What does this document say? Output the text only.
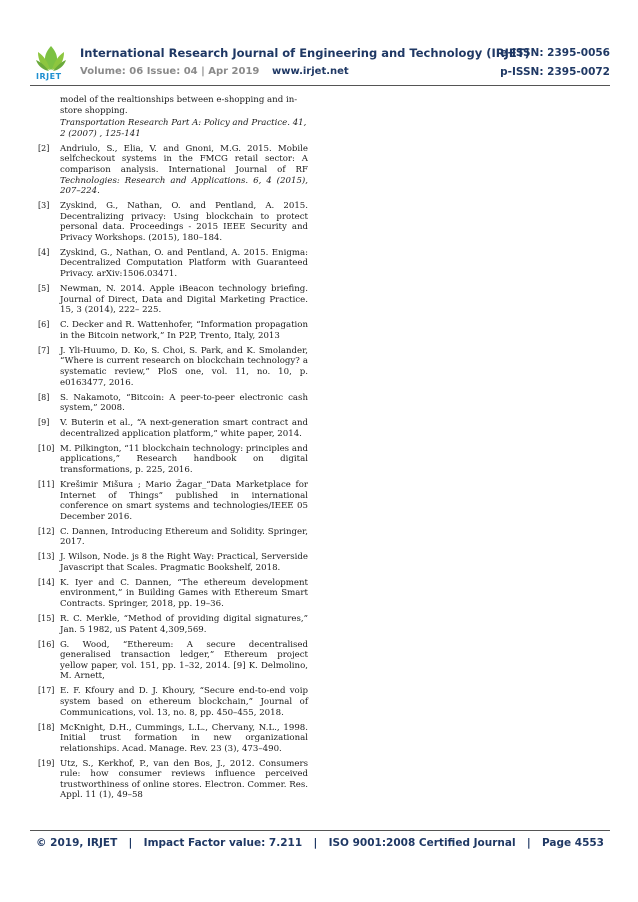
IRJET
International Research Journal of Engineering and Technology (IRJET)
e-ISSN: 2395-0056
Volume: 06 Issue: 04 | Apr 2019 www.irjet.net	p-ISSN: 2395-0072
model of the realtionships between e-shopping and in-store shopping.
Transportation Research Part A: Policy and Practice. 41, 2 (2007) , 125-141
[2]	Andriulo, S., Elia, V. and Gnoni, M.G. 2015. Mobile selfcheckout systems in the FMCG retail sector: A comparison analysis. International Journal of RF Technologies: Research and Applications. 6, 4 (2015), 207–224.
[3]	Zyskind, G., Nathan, O. and Pentland, A. 2015. Decentralizing privacy: Using blockchain to protect personal data. Proceedings - 2015 IEEE Security and Privacy Workshops. (2015), 180–184.
[4]	Zyskind, G., Nathan, O. and Pentland, A. 2015. Enigma: Decentralized Computation Platform with Guaranteed Privacy. arXiv:1506.03471.
[5]	Newman, N. 2014. Apple iBeacon technology briefing. Journal of Direct, Data and Digital Marketing Practice. 15, 3 (2014), 222– 225.
[6]	C. Decker and R. Wattenhofer, “Information propagation in the Bitcoin network,” In P2P, Trento, Italy, 2013
[7]	J. Yli-Huumo, D. Ko, S. Choi, S. Park, and K. Smolander, “Where is current research on blockchain technology? a systematic review,” PloS one, vol. 11, no. 10, p. e0163477, 2016.
[8]	S. Nakamoto, “Bitcoin: A peer-to-peer electronic cash system,” 2008.
[9]	V. Buterin et al., “A next-generation smart contract and decentralized application platform,” white paper, 2014.
[10] M. Pilkington, “11 blockchain technology: principles and applications,” Research handbook on digital transformations, p. 225, 2016.
[11] Krešimir Mišura ; Mario Žagar_“Data Marketplace for Internet of Things” published in international conference on smart systems and technologies/IEEE 05 December 2016.
[12] C. Dannen, Introducing Ethereum and Solidity. Springer, 2017.
[13] J. Wilson, Node. js 8 the Right Way: Practical, Serverside Javascript that Scales. Pragmatic Bookshelf, 2018.
[14] K. Iyer and C. Dannen, “The ethereum development environment,” in Building Games with Ethereum Smart Contracts. Springer, 2018, pp. 19–36.
[15] R. C. Merkle, “Method of providing digital signatures,” Jan. 5 1982, uS Patent 4,309,569.
[16] G. Wood, “Ethereum: A secure decentralised generalised transaction ledger,” Ethereum project yellow paper, vol. 151, pp. 1–32, 2014. [9] K. Delmolino, M. Arnett,
[17] E. F. Kfoury and D. J. Khoury, “Secure end-to-end voip system based on ethereum blockchain,” Journal of Communications, vol. 13, no. 8, pp. 450–455, 2018.
[18] McKnight, D.H., Cummings, L.L., Chervany, N.L., 1998. Initial trust formation in new organizational relationships. Acad. Manage. Rev. 23 (3), 473–490.
[19] Utz, S., Kerkhof, P., van den Bos, J., 2012. Consumers rule: how consumer reviews influence perceived trustworthiness of online stores. Electron. Commer. Res. Appl. 11 (1), 49–58
© 2019, IRJET | Impact Factor value: 7.211 | ISO 9001:2008 Certified Journal | Page 4553
